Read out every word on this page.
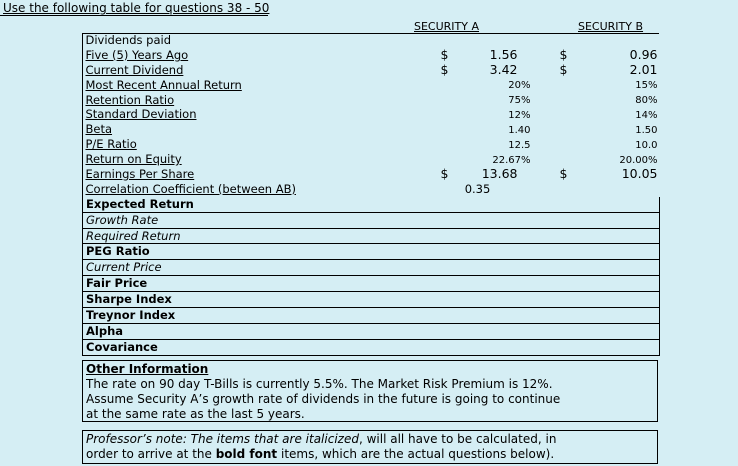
Use the following table for questions 38 - 50
SECURITY A	SECURITY B
Dividends paid		
Five (5) Years Ago	$ 1.56	$ 0.96
Current Dividend	$ 3.42	$ 2.01
Most Recent Annual Return	20%	15%
Retention Ratio	75%	80%
Standard Deviation	12%	14%
Beta	1.40	1.50
P/E Ratio	12.5	10.0
Return on Equity	22.67%	20.00%
Earnings Per Share	$ 13.68	$ 10.05
Correlation Coefficient (between AB)	0.35	
Expected Return		
Growth Rate		
Required Return		
PEG Ratio		
Current Price		
Fair Price		
Sharpe Index		
Treynor Index		
Alpha		
Covariance		
Other Information
The rate on 90 day T-Bills is currently 5.5%. The Market Risk Premium is 12%.
Assume Security A’s growth rate of dividends in the future is going to continue
at the same rate as the last 5 years.
Professor’s note: The items that are italicized, will all have to be calculated, in
order to arrive at the bold font items, which are the actual questions below).
